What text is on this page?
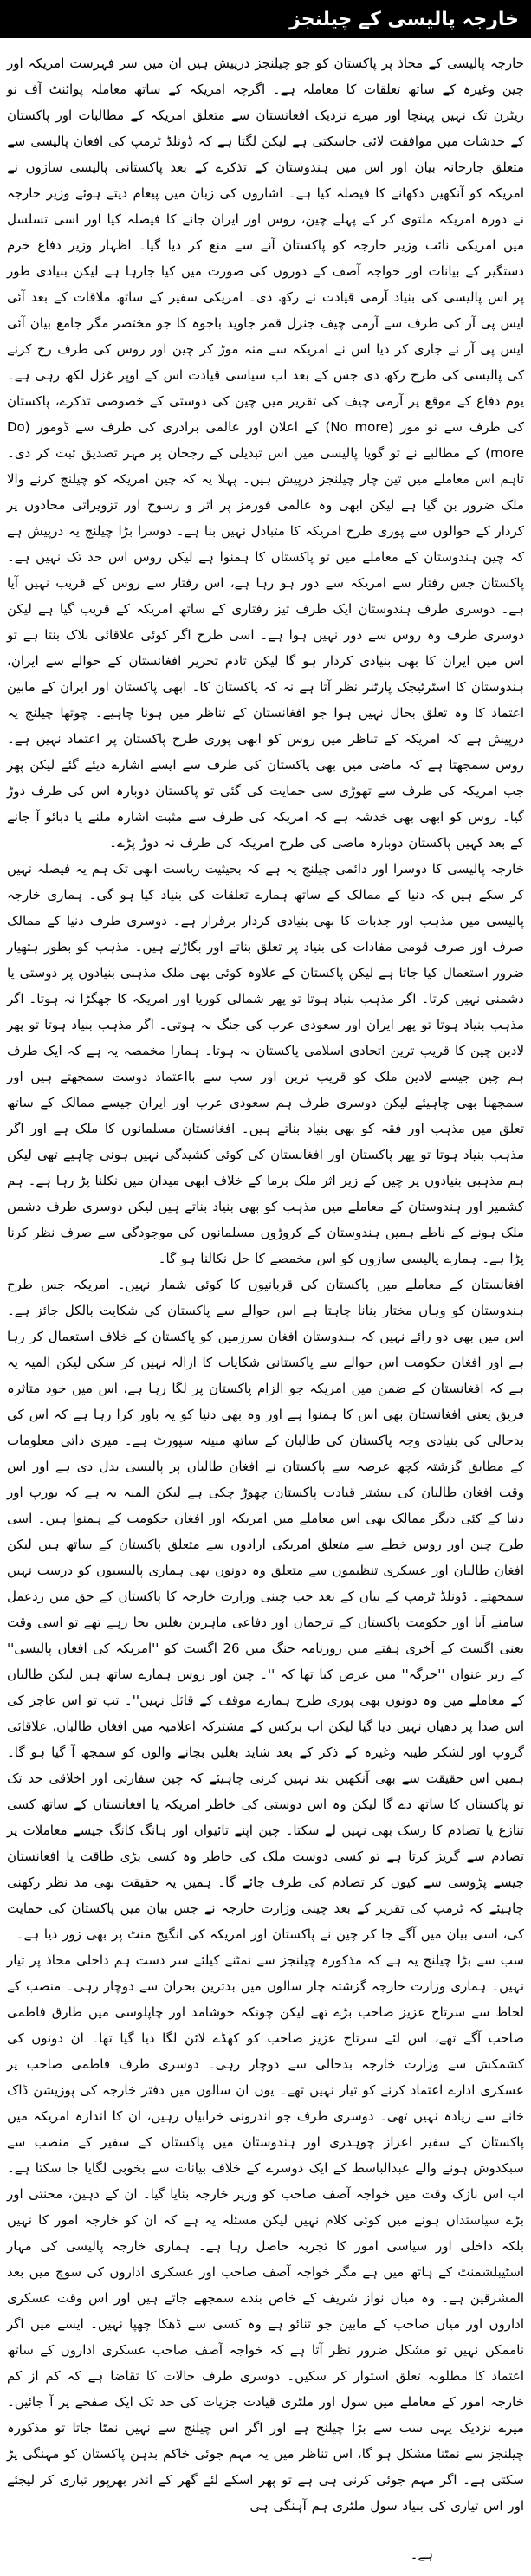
خارجہ پالیسی کے چیلنجز

خارجہ پالیسی کے محاذ پر پاکستان کو جو چیلنجز درپیش ہیں ان میں سر فہرست امریکہ اور چین وغیرہ کے ساتھ تعلقات کا معاملہ ہے۔ اگرچہ امریکہ کے ساتھ معاملہ پوائنٹ آف نو ریٹرن تک نہیں پہنچا اور میرے نزدیک افغانستان سے متعلق امریکہ کے مطالبات اور پاکستان کے خدشات میں موافقت لائی جاسکتی ہے لیکن لگتا ہے کہ ڈونلڈ ٹرمپ کی افغان پالیسی سے متعلق جارحانہ بیان اور اس میں ہندوستان کے تذکرے کے بعد پاکستانی پالیسی سازوں نے امریکہ کو آنکھیں دکھانے کا فیصلہ کیا ہے۔ اشاروں کی زبان میں پیغام دیتے ہوئے وزیر خارجہ نے دورہ امریکہ ملتوی کر کے پہلے چین، روس اور ایران جانے کا فیصلہ کیا اور اسی تسلسل میں امریکی نائب وزیر خارجہ کو پاکستان آنے سے منع کر دیا گیا۔ اظہار وزیر دفاع خرم دستگیر کے بیانات اور خواجہ آصف کے دوروں کی صورت میں کیا جارہا ہے لیکن بنیادی طور پر اس پالیسی کی بنیاد آرمی قیادت نے رکھ دی۔ امریکی سفیر کے ساتھ ملاقات کے بعد آئی ایس پی آر کی طرف سے آرمی چیف جنرل قمر جاوید باجوہ کا جو مختصر مگر جامع بیان آئی ایس پی آر نے جاری کر دیا اس نے امریکہ سے منہ موڑ کر چین اور روس کی طرف رخ کرنے کی پالیسی کی طرح رکھ دی جس کے بعد اب سیاسی قیادت اس کے اوپر غزل لکھ رہی ہے۔ یوم دفاع کے موقع پر آرمی چیف کی تقریر میں چین کی دوستی کے خصوصی تذکرے، پاکستان کی طرف سے نو مور (No more) کے اعلان اور عالمی برادری کی طرف سے ڈومور (Do more) کے مطالبے نے تو گویا پالیسی میں اس تبدیلی کے رجحان پر مہر تصدیق ثبت کر دی۔ تاہم اس معاملے میں تین چار چیلنجز درپیش ہیں۔ پہلا یہ کہ چین امریکہ کو چیلنج کرنے والا ملک ضرور بن گیا ہے لیکن ابھی وہ عالمی فورمز پر اثر و رسوخ اور تزویراتی محاذوں پر کردار کے حوالوں سے پوری طرح امریکہ کا متبادل نہیں بنا ہے۔ دوسرا بڑا چیلنج یہ درپیش ہے کہ چین ہندوستان کے معاملے میں تو پاکستان کا ہمنوا ہے لیکن روس اس حد تک نہیں ہے۔ پاکستان جس رفتار سے امریکہ سے دور ہو رہا ہے، اس رفتار سے روس کے قریب نہیں آیا ہے۔ دوسری طرف ہندوستان ایک طرف تیز رفتاری کے ساتھ امریکہ کے قریب گیا ہے لیکن دوسری طرف وہ روس سے دور نہیں ہوا ہے۔ اسی طرح اگر کوئی علاقائی بلاک بنتا ہے تو اس میں ایران کا بھی بنیادی کردار ہو گا لیکن تادم تحریر افغانستان کے حوالے سے ایران، ہندوستان کا اسٹرٹیجک پارٹنر نظر آتا ہے نہ کہ پاکستان کا۔ ابھی پاکستان اور ایران کے مابین اعتماد کا وہ تعلق بحال نہیں ہوا جو افغانستان کے تناظر میں ہونا چاہیے۔ چوتھا چیلنج یہ درپیش ہے کہ امریکہ کے تناظر میں روس کو ابھی پوری طرح پاکستان پر اعتماد نہیں ہے۔ روس سمجھتا ہے کہ ماضی میں بھی پاکستان کی طرف سے ایسے اشارے دیئے گئے لیکن پھر جب امریکہ کی طرف سے تھوڑی سی حمایت کی گئی تو پاکستان دوبارہ اس کی طرف دوڑ گیا۔ روس کو ابھی بھی خدشہ ہے کہ امریکہ کی طرف سے مثبت اشارہ ملنے یا دبائو آ جانے کے بعد کہیں پاکستان دوبارہ ماضی کی طرح امریکہ کی طرف نہ دوڑ پڑے۔

خارجہ پالیسی کا دوسرا اور دائمی چیلنج یہ ہے کہ بحیثیت ریاست ابھی تک ہم یہ فیصلہ نہیں کر سکے ہیں کہ دنیا کے ممالک کے ساتھ ہمارے تعلقات کی بنیاد کیا ہو گی۔ ہماری خارجہ پالیسی میں مذہب اور جذبات کا بھی بنیادی کردار برقرار ہے۔ دوسری طرف دنیا کے ممالک صرف اور صرف قومی مفادات کی بنیاد پر تعلق بناتے اور بگاڑتے ہیں۔ مذہب کو بطور ہتھیار ضرور استعمال کیا جاتا ہے لیکن پاکستان کے علاوہ کوئی بھی ملک مذہبی بنیادوں پر دوستی یا دشمنی نہیں کرتا۔ اگر مذہب بنیاد ہوتا تو پھر شمالی کوریا اور امریکہ کا جھگڑا نہ ہوتا۔ اگر مذہب بنیاد ہوتا تو پھر ایران اور سعودی عرب کی جنگ نہ ہوتی۔ اگر مذہب بنیاد ہوتا تو پھر لادین چین کا قریب ترین اتحادی اسلامی پاکستان نہ ہوتا۔ ہمارا مخمصہ یہ ہے کہ ایک طرف ہم چین جیسے لادین ملک کو قریب ترین اور سب سے بااعتماد دوست سمجھتے ہیں اور سمجھنا بھی چاہیئے لیکن دوسری طرف ہم سعودی عرب اور ایران جیسے ممالک کے ساتھ تعلق میں مذہب اور فقہ کو بھی بنیاد بناتے ہیں۔ افغانستان مسلمانوں کا ملک ہے اور اگر مذہب بنیاد ہوتا تو پھر پاکستان اور افغانستان کی کوئی کشیدگی نہیں ہونی چاہیے تھی لیکن ہم مذہبی بنیادوں پر چین کے زیر اثر ملک برما کے خلاف ابھی میدان میں نکلنا پڑ رہا ہے۔ ہم کشمیر اور ہندوستان کے معاملے میں مذہب کو بھی بنیاد بناتے ہیں لیکن دوسری طرف دشمن ملک ہونے کے ناطے ہمیں ہندوستان کے کروڑوں مسلمانوں کی موجودگی سے صرف نظر کرنا پڑا ہے۔ ہمارے پالیسی سازوں کو اس مخمصے کا حل نکالنا ہو گا۔

افغانستان کے معاملے میں پاکستان کی قربانیوں کا کوئی شمار نہیں۔ امریکہ جس طرح ہندوستان کو وہاں مختار بنانا چاہتا ہے اس حوالے سے پاکستان کی شکایت بالکل جائز ہے۔ اس میں بھی دو رائے نہیں کہ ہندوستان افغان سرزمین کو پاکستان کے خلاف استعمال کر رہا ہے اور افغان حکومت اس حوالے سے پاکستانی شکایات کا ازالہ نہیں کر سکی لیکن المیہ یہ ہے کہ افغانستان کے ضمن میں امریکہ جو الزام پاکستان پر لگا رہا ہے، اس میں خود متاثرہ فریق یعنی افغانستان بھی اس کا ہمنوا ہے اور وہ بھی دنیا کو یہ باور کرا رہا ہے کہ اس کی بدحالی کی بنیادی وجہ پاکستان کی طالبان کے ساتھ مبینہ سپورٹ ہے۔ میری ذاتی معلومات کے مطابق گزشتہ کچھ عرصہ سے پاکستان نے افغان طالبان پر پالیسی بدل دی ہے اور اس وقت افغان طالبان کی بیشتر قیادت پاکستان چھوڑ چکی ہے لیکن المیہ یہ ہے کہ یورپ اور دنیا کے کئی دیگر ممالک بھی اس معاملے میں امریکہ اور افغان حکومت کے ہمنوا ہیں۔ اسی طرح چین اور روس خطے سے متعلق امریکی ارادوں سے متعلق پاکستان کے ساتھ ہیں لیکن افغان طالبان اور عسکری تنظیموں سے متعلق وہ دونوں بھی ہماری پالیسیوں کو درست نہیں سمجھتے۔ ڈونلڈ ٹرمپ کے بیان کے بعد جب چینی وزارت خارجہ کا پاکستان کے حق میں ردعمل سامنے آیا اور حکومت پاکستان کے ترجمان اور دفاعی ماہرین بغلیں بجا رہے تھے تو اسی وقت یعنی اگست کے آخری ہفتے میں روزنامہ جنگ میں 26 اگست کو ''امریکہ کی افغان پالیسی'' کے زیر عنوان ''جرگہ'' میں عرض کیا تھا کہ ''۔ چین اور روس ہمارے ساتھ ہیں لیکن طالبان کے معاملے میں وہ دونوں بھی پوری طرح ہمارے موقف کے قائل نہیں''۔ تب تو اس عاجز کی اس صدا پر دھیان نہیں دیا گیا لیکن اب برکس کے مشترکہ اعلامیہ میں افغان طالبان، علاقائی گروپ اور لشکر طیبہ وغیرہ کے ذکر کے بعد شاید بغلیں بجانے والوں کو سمجھ آ گیا ہو گا۔ ہمیں اس حقیقت سے بھی آنکھیں بند نہیں کرنی چاہیئے کہ چین سفارتی اور اخلاقی حد تک تو پاکستان کا ساتھ دے گا لیکن وہ اس دوستی کی خاطر امریکہ یا افغانستان کے ساتھ کسی تنازع یا تصادم کا رسک بھی نہیں لے سکتا۔ چین اپنے تائیوان اور ہانگ کانگ جیسے معاملات پر تصادم سے گریز کرتا ہے تو کسی دوست ملک کی خاطر وہ کسی بڑی طاقت یا افغانستان جیسے پڑوسی سے کیوں کر تصادم کی طرف جائے گا۔ ہمیں یہ حقیقت بھی مد نظر رکھنی چاہیئے کہ ٹرمپ کی تقریر کے بعد چینی وزارت خارجہ نے جس بیان میں پاکستان کی حمایت کی، اسی بیان میں آگے جا کر چین نے پاکستان اور امریکہ کی انگیج منٹ پر بھی زور دیا ہے۔

سب سے بڑا چیلنج یہ ہے کہ مذکورہ چیلنجز سے نمٹنے کیلئے سر دست ہم داخلی محاذ پر تیار نہیں۔ ہماری وزارت خارجہ گزشتہ چار سالوں میں بدترین بحران سے دوچار رہی۔ منصب کے لحاظ سے سرتاج عزیز صاحب بڑے تھے لیکن چونکہ خوشامد اور چاپلوسی میں طارق فاطمی صاحب آگے تھے، اس لئے سرتاج عزیز صاحب کو کھڈے لائن لگا دیا گیا تھا۔ ان دونوں کی کشمکش سے وزارت خارجہ بدحالی سے دوچار رہی۔ دوسری طرف فاطمی صاحب پر عسکری ادارے اعتماد کرنے کو تیار نہیں تھے۔ یوں ان سالوں میں دفتر خارجہ کی پوزیشن ڈاک خانے سے زیادہ نہیں تھی۔ دوسری طرف جو اندرونی خرابیاں رہیں، ان کا اندازہ امریکہ میں پاکستان کے سفیر اعزاز چوہدری اور ہندوستان میں پاکستان کے سفیر کے منصب سے سبکدوش ہونے والے عبدالباسط کے ایک دوسرے کے خلاف بیانات سے بخوبی لگایا جا سکتا ہے۔ اب اس نازک وقت میں خواجہ آصف صاحب کو وزیر خارجہ بنایا گیا۔ ان کے ذہین، محنتی اور بڑے سیاستدان ہونے میں کوئی کلام نہیں لیکن مسئلہ یہ ہے کہ ان کو خارجہ امور کا نہیں بلکہ داخلی اور سیاسی امور کا تجربہ حاصل رہا ہے۔ ہماری خارجہ پالیسی کی مہار اسٹیبلشمنٹ کے ہاتھ میں ہے مگر خواجہ آصف صاحب اور عسکری اداروں کی سوچ میں بعد المشرقین ہے۔ وہ میاں نواز شریف کے خاص بندے سمجھے جاتے ہیں اور اس وقت عسکری اداروں اور میاں صاحب کے مابین جو تنائو ہے وہ کسی سے ڈھکا چھپا نہیں۔ ایسے میں اگر ناممکن نہیں تو مشکل ضرور نظر آتا ہے کہ خواجہ آصف صاحب عسکری اداروں کے ساتھ اعتماد کا مطلوبہ تعلق استوار کر سکیں۔ دوسری طرف حالات کا تقاضا ہے کہ کم از کم خارجہ امور کے معاملے میں سول اور ملٹری قیادت جزیات کی حد تک ایک صفحے پر آ جائیں۔ میرے نزدیک یہی سب سے بڑا چیلنج ہے اور اگر اس چیلنج سے نہیں نمٹا جاتا تو مذکورہ چیلنجز سے نمٹنا مشکل ہو گا، اس تناظر میں یہ مہم جوئی خاکم بدہن پاکستان کو مہنگی پڑ سکتی ہے۔ اگر مہم جوئی کرنی ہی ہے تو پھر اسکے لئے گھر کے اندر بھرپور تیاری کر لیجئے اور اس تیاری کی بنیاد سول ملٹری ہم آہنگی ہی

ہے۔
